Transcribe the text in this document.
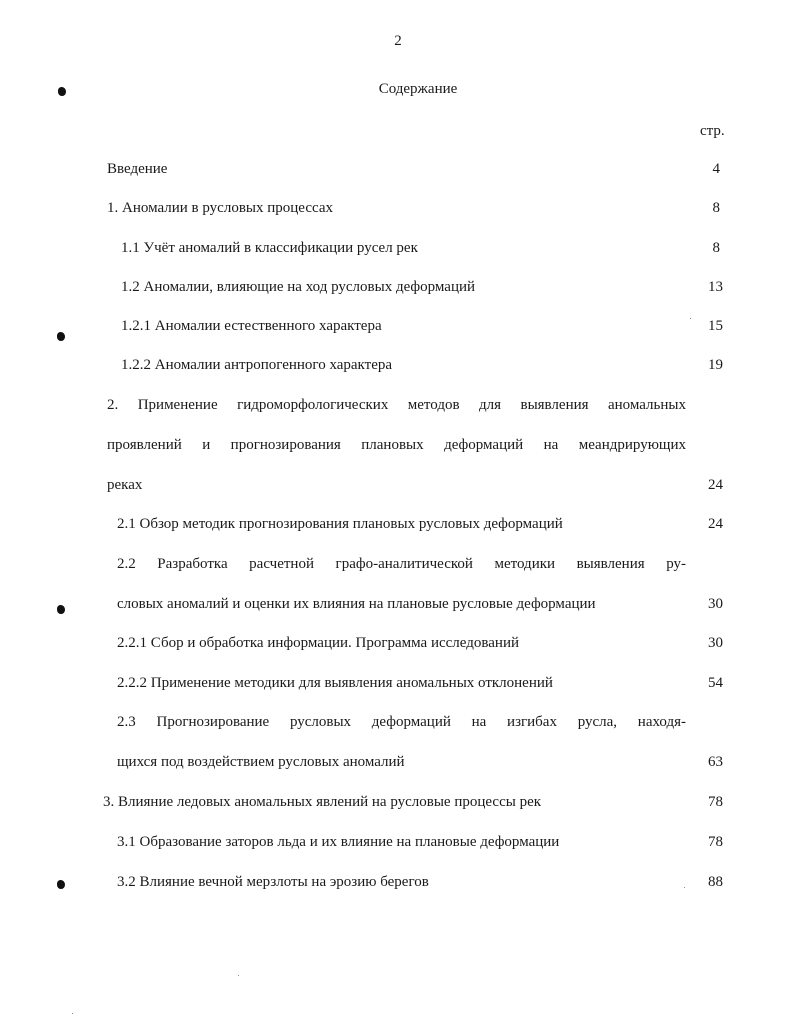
2
Содержание
стр.
Введение	4
1. Аномалии в русловых процессах	8
1.1 Учёт аномалий в классификации русел рек	8
1.2 Аномалии, влияющие на ход русловых деформаций	13
1.2.1 Аномалии естественного характера	15
1.2.2 Аномалии антропогенного характера	19
2. Применение гидроморфологических методов для выявления аномальных
проявлений и прогнозирования плановых деформаций на меандрирующих
реках	24
2.1 Обзор методик прогнозирования плановых русловых деформаций	24
2.2 Разработка расчетной графо-аналитической методики выявления ру-
словых аномалий и оценки их влияния на плановые русловые деформации	30
2.2.1 Сбор и обработка информации. Программа исследований	30
2.2.2 Применение методики для выявления аномальных отклонений	54
2.3 Прогнозирование русловых деформаций на изгибах русла, находя-
щихся под воздействием русловых аномалий	63
3. Влияние ледовых аномальных явлений на русловые процессы рек	78
3.1 Образование заторов льда и их влияние на плановые деформации	78
3.2 Влияние вечной мерзлоты на эрозию берегов	88
